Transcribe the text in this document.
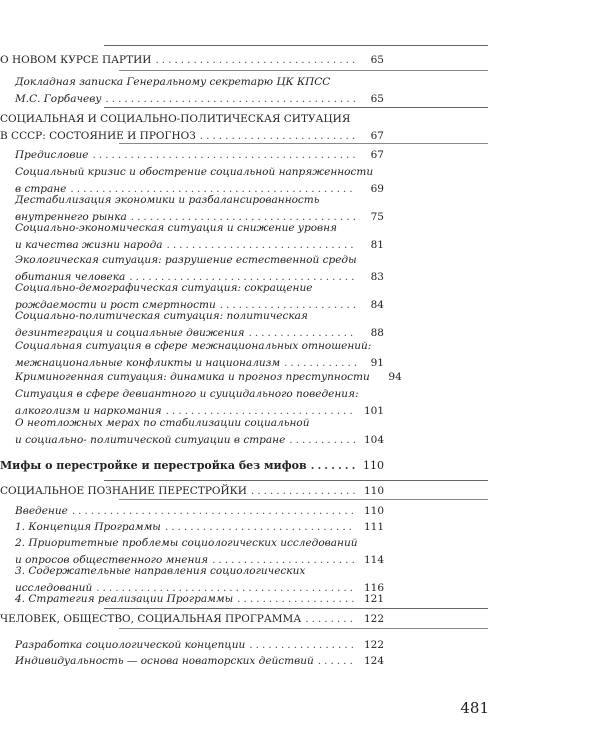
О НОВОМ КУРСЕ ПАРТИИ .....	65
Докладная записка Генеральному секретарю ЦК КПСС
М.С. Горбачеву .....	65
СОЦИАЛЬНАЯ И СОЦИАЛЬНО-ПОЛИТИЧЕСКАЯ СИТУАЦИЯ
В СССР: СОСТОЯНИЕ И ПРОГНОЗ .....	67
Предисловие .....	67
Социальный кризис и обострение социальной напряженности
в стране .....	69
Дестабилизация экономики и разбалансированность
внутреннего рынка .....	75
Социально-экономическая ситуация и снижение уровня
и качества жизни народа .....	81
Экологическая ситуация: разрушение естественной среды
обитания человека .....	83
Социально-демографическая ситуация: сокращение
рождаемости и рост смертности .....	84
Социально-политическая ситуация: политическая
дезинтеграция и социальные движения .....	88
Социальная ситуация в сфере межнациональных отношений:
межнациональные конфликты и национализм .....	91
Криминогенная ситуация: динамика и прогноз преступности	94
Ситуация в сфере девиантного и суицидального поведения:
алкоголизм и наркомания .....	101
О неотложных мерах по стабилизации социальной
и социально- политической ситуации в стране .....	104
Мифы о перестройке и перестройка без мифов .....	110
СОЦИАЛЬНОЕ ПОЗНАНИЕ ПЕРЕСТРОЙКИ .....	110
Введение .....	110
1. Концепция Программы .....	111
2. Приоритетные проблемы социологических исследований
и опросов общественного мнения .....	114
3. Содержательные направления социологических
исследований .....	116
4. Стратегия реализации Программы .....	121
ЧЕЛОВЕК, ОБЩЕСТВО, СОЦИАЛЬНАЯ ПРОГРАММА .....	122
Разработка социологической концепции .....	122
Индивидуальность — основа новаторских действий .....	124
481
